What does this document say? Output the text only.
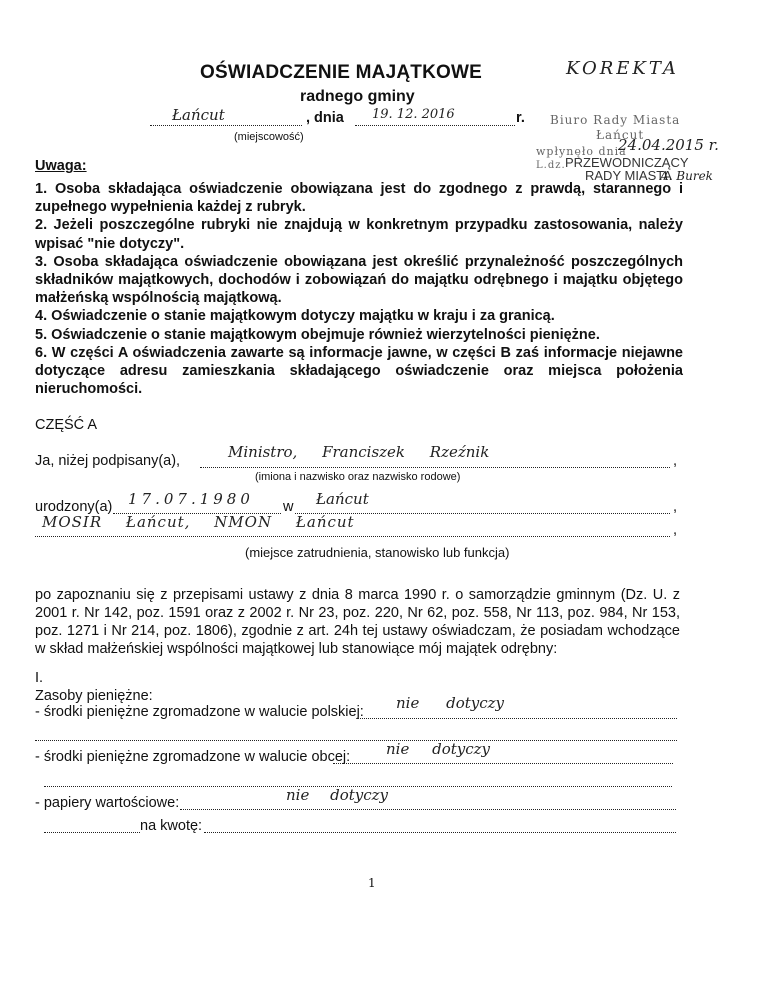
OŚWIADCZENIE MAJĄTKOWE
radnego gminy
KOREKTA
Łańcut	, dnia 19. 12. 2016	r.
(miejscowość)
Biuro Rady Miasta
Łańcut
wpłynęło dnia
24.04.2015 r.
L.dz. PRZEWODNICZĄCY
RADY MIASTA
A. Burek
Uwaga:

1. Osoba składająca oświadczenie obowiązana jest do zgodnego z prawdą, starannego i zupełnego wypełnienia każdej z rubryk.

2. Jeżeli poszczególne rubryki nie znajdują w konkretnym przypadku zastosowania, należy wpisać "nie dotyczy".

3. Osoba składająca oświadczenie obowiązana jest określić przynależność poszczególnych składników majątkowych, dochodów i zobowiązań do majątku odrębnego i majątku objętego małżeńską wspólnością majątkową.

4. Oświadczenie o stanie majątkowym dotyczy majątku w kraju i za granicą.

5. Oświadczenie o stanie majątkowym obejmuje również wierzytelności pieniężne.

6. W części A oświadczenia zawarte są informacje jawne, w części B zaś informacje niejawne dotyczące adresu zamieszkania składającego oświadczenie oraz miejsca położenia nieruchomości.

CZĘŚĆ A
Ja, niżej podpisany(a),	Ministro, Franciszek Rzeźnik	,
(imiona i nazwisko oraz nazwisko rodowe)
urodzony(a) 17.07.1980 w Łańcut	,
MOSIR Łańcut, NMON Łańcut	,
(miejsce zatrudnienia, stanowisko lub funkcja)
po zapoznaniu się z przepisami ustawy z dnia 8 marca 1990 r. o samorządzie gminnym (Dz. U. z 2001 r. Nr 142, poz. 1591 oraz z 2002 r. Nr 23, poz. 220, Nr 62, poz. 558, Nr 113, poz. 984, Nr 153, poz. 1271 i Nr 214, poz. 1806), zgodnie z art. 24h tej ustawy oświadczam, że posiadam wchodzące w skład małżeńskiej wspólności majątkowej lub stanowiące mój majątek odrębny:
I.
Zasoby pieniężne:
- środki pieniężne zgromadzone w walucie polskiej: nie dotyczy
- środki pieniężne zgromadzone w walucie obcej: nie dotyczy
- papiery wartościowe:	nie dotyczy
na kwotę:
1
